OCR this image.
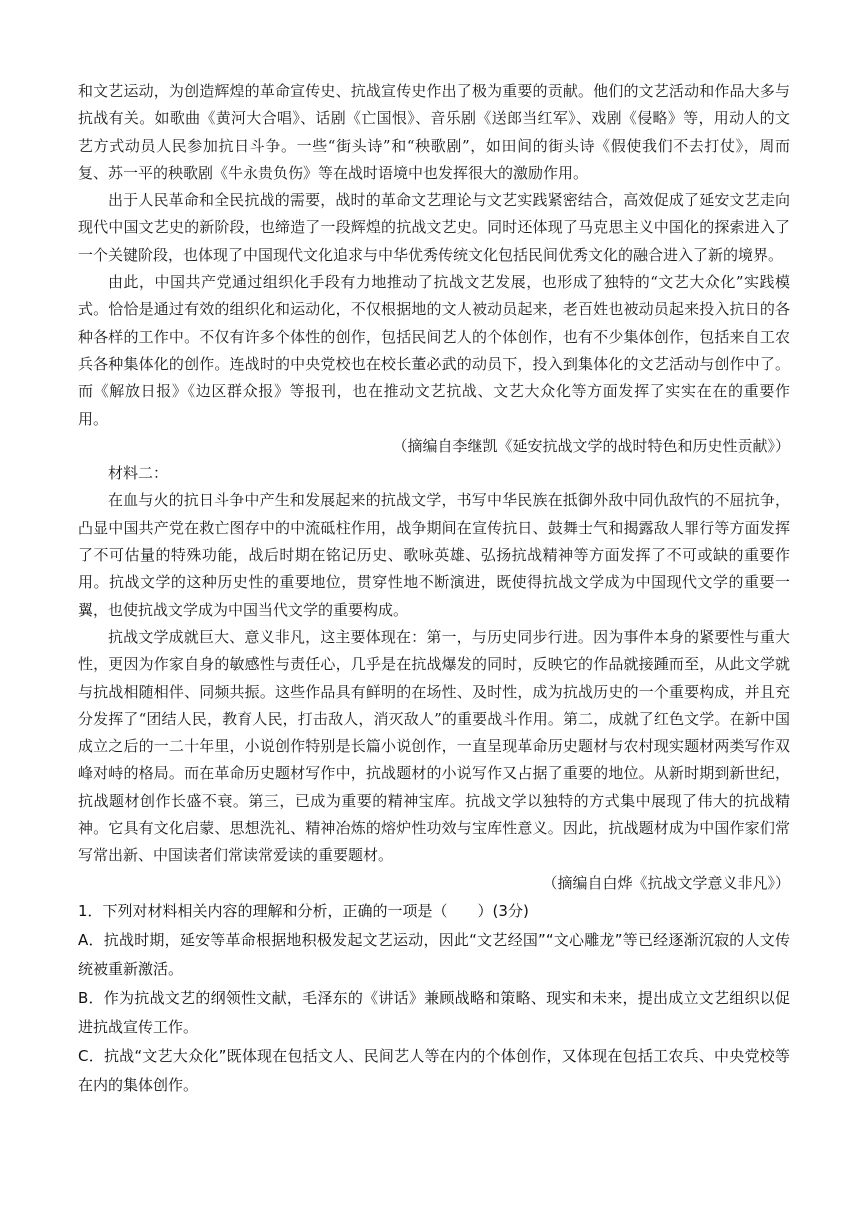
和文艺运动，为创造辉煌的革命宣传史、抗战宣传史作出了极为重要的贡献。他们的文艺活动和作品大多与抗战有关。如歌曲《黄河大合唱》、话剧《亡国恨》、音乐剧《送郎当红军》、戏剧《侵略》等，用动人的文艺方式动员人民参加抗日斗争。一些“街头诗”和“秧歌剧”，如田间的街头诗《假使我们不去打仗》，周而复、苏一平的秧歌剧《牛永贵负伤》等在战时语境中也发挥很大的激励作用。

出于人民革命和全民抗战的需要，战时的革命文艺理论与文艺实践紧密结合，高效促成了延安文艺走向现代中国文艺史的新阶段，也缔造了一段辉煌的抗战文艺史。同时还体现了马克思主义中国化的探索进入了一个关键阶段，也体现了中国现代文化追求与中华优秀传统文化包括民间优秀文化的融合进入了新的境界。

由此，中国共产党通过组织化手段有力地推动了抗战文艺发展，也形成了独特的“文艺大众化”实践模式。恰恰是通过有效的组织化和运动化，不仅根据地的文人被动员起来，老百姓也被动员起来投入抗日的各种各样的工作中。不仅有许多个体性的创作，包括民间艺人的个体创作，也有不少集体创作，包括来自工农兵各种集体化的创作。连战时的中央党校也在校长董必武的动员下，投入到集体化的文艺活动与创作中了。而《解放日报》《边区群众报》等报刊，也在推动文艺抗战、文艺大众化等方面发挥了实实在在的重要作用。

（摘编自李继凯《延安抗战文学的战时特色和历史性贡献》）

材料二：

在血与火的抗日斗争中产生和发展起来的抗战文学，书写中华民族在抵御外敌中同仇敌忾的不屈抗争，凸显中国共产党在救亡图存中的中流砥柱作用，战争期间在宣传抗日、鼓舞士气和揭露敌人罪行等方面发挥了不可估量的特殊功能，战后时期在铭记历史、歌咏英雄、弘扬抗战精神等方面发挥了不可或缺的重要作用。抗战文学的这种历史性的重要地位，贯穿性地不断演进，既使得抗战文学成为中国现代文学的重要一翼，也使抗战文学成为中国当代文学的重要构成。

抗战文学成就巨大、意义非凡，这主要体现在：第一，与历史同步行进。因为事件本身的紧要性与重大性，更因为作家自身的敏感性与责任心，几乎是在抗战爆发的同时，反映它的作品就接踵而至，从此文学就与抗战相随相伴、同频共振。这些作品具有鲜明的在场性、及时性，成为抗战历史的一个重要构成，并且充分发挥了“团结人民，教育人民，打击敌人，消灭敌人”的重要战斗作用。第二，成就了红色文学。在新中国成立之后的一二十年里，小说创作特别是长篇小说创作，一直呈现革命历史题材与农村现实题材两类写作双峰对峙的格局。而在革命历史题材写作中，抗战题材的小说写作又占据了重要的地位。从新时期到新世纪，抗战题材创作长盛不衰。第三，已成为重要的精神宝库。抗战文学以独特的方式集中展现了伟大的抗战精神。它具有文化启蒙、思想洗礼、精神冶炼的熔炉性功效与宝库性意义。因此，抗战题材成为中国作家们常写常出新、中国读者们常读常爱读的重要题材。

（摘编自白烨《抗战文学意义非凡》）

1．下列对材料相关内容的理解和分析，正确的一项是（　　）(3分)

A．抗战时期，延安等革命根据地积极发起文艺运动，因此“文艺经国”“文心雕龙”等已经逐渐沉寂的人文传统被重新激活。

B．作为抗战文艺的纲领性文献，毛泽东的《讲话》兼顾战略和策略、现实和未来，提出成立文艺组织以促进抗战宣传工作。

C．抗战“文艺大众化”既体现在包括文人、民间艺人等在内的个体创作，又体现在包括工农兵、中央党校等在内的集体创作。
